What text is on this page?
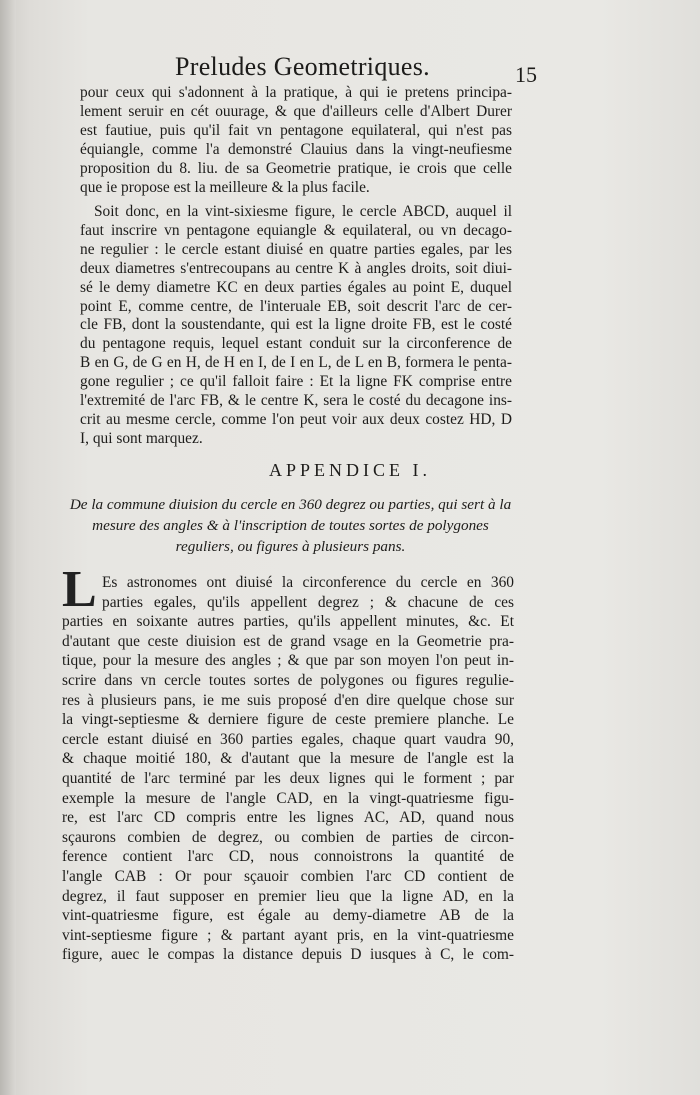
Preludes Geometriques.	15

pour ceux qui s'adonnent à la pratique, à qui ie pretens principa-

lement seruir en cét ouurage, & que d'ailleurs celle d'Albert Durer

est fautiue, puis qu'il fait vn pentagone equilateral, qui n'est pas

équiangle, comme l'a demonstré Clauius dans la vingt-neufiesme

proposition du 8. liu. de sa Geometrie pratique, ie crois que celle

que ie propose est la meilleure & la plus facile.

Soit donc, en la vint-sixiesme figure, le cercle ABCD, auquel il

faut inscrire vn pentagone equiangle & equilateral, ou vn decago-

ne regulier : le cercle estant diuisé en quatre parties egales, par les

deux diametres s'entrecoupans au centre K à angles droits, soit diui-

sé le demy diametre KC en deux parties égales au point E, duquel

point E, comme centre, de l'interuale EB, soit descrit l'arc de cer-

cle FB, dont la soustendante, qui est la ligne droite FB, est le costé

du pentagone requis, lequel estant conduit sur la circonference de

B en G, de G en H, de H en I, de I en L, de L en B, formera le penta-

gone regulier ; ce qu'il falloit faire : Et la ligne FK comprise entre

l'extremité de l'arc FB, & le centre K, sera le costé du decagone ins-

crit au mesme cercle, comme l'on peut voir aux deux costez HD, D

I, qui sont marquez.

APPENDICE I.

De la commune diuision du cercle en 360 degrez ou parties, qui sert à la

mesure des angles & à l'inscription de toutes sortes de polygones

reguliers, ou figures à plusieurs pans.

L Es astronomes ont diuisé la circonference du cercle en 360

parties egales, qu'ils appellent degrez ; & chacune de ces

parties en soixante autres parties, qu'ils appellent minutes, &c. Et

d'autant que ceste diuision est de grand vsage en la Geometrie pra-

tique, pour la mesure des angles ; & que par son moyen l'on peut in-

scrire dans vn cercle toutes sortes de polygones ou figures regulie-

res à plusieurs pans, ie me suis proposé d'en dire quelque chose sur

la vingt-septiesme & derniere figure de ceste premiere planche. Le

cercle estant diuisé en 360 parties egales, chaque quart vaudra 90,

& chaque moitié 180, & d'autant que la mesure de l'angle est la

quantité de l'arc terminé par les deux lignes qui le forment ; par

exemple la mesure de l'angle CAD, en la vingt-quatriesme figu-

re, est l'arc CD compris entre les lignes AC, AD, quand nous

sçaurons combien de degrez, ou combien de parties de circon-

ference contient l'arc CD, nous connoistrons la quantité de

l'angle CAB : Or pour sçauoir combien l'arc CD contient de

degrez, il faut supposer en premier lieu que la ligne AD, en la

vint-quatriesme figure, est égale au demy-diametre AB de la

vint-septiesme figure ; & partant ayant pris, en la vint-quatriesme

figure, auec le compas la distance depuis D iusques à C, le com-
